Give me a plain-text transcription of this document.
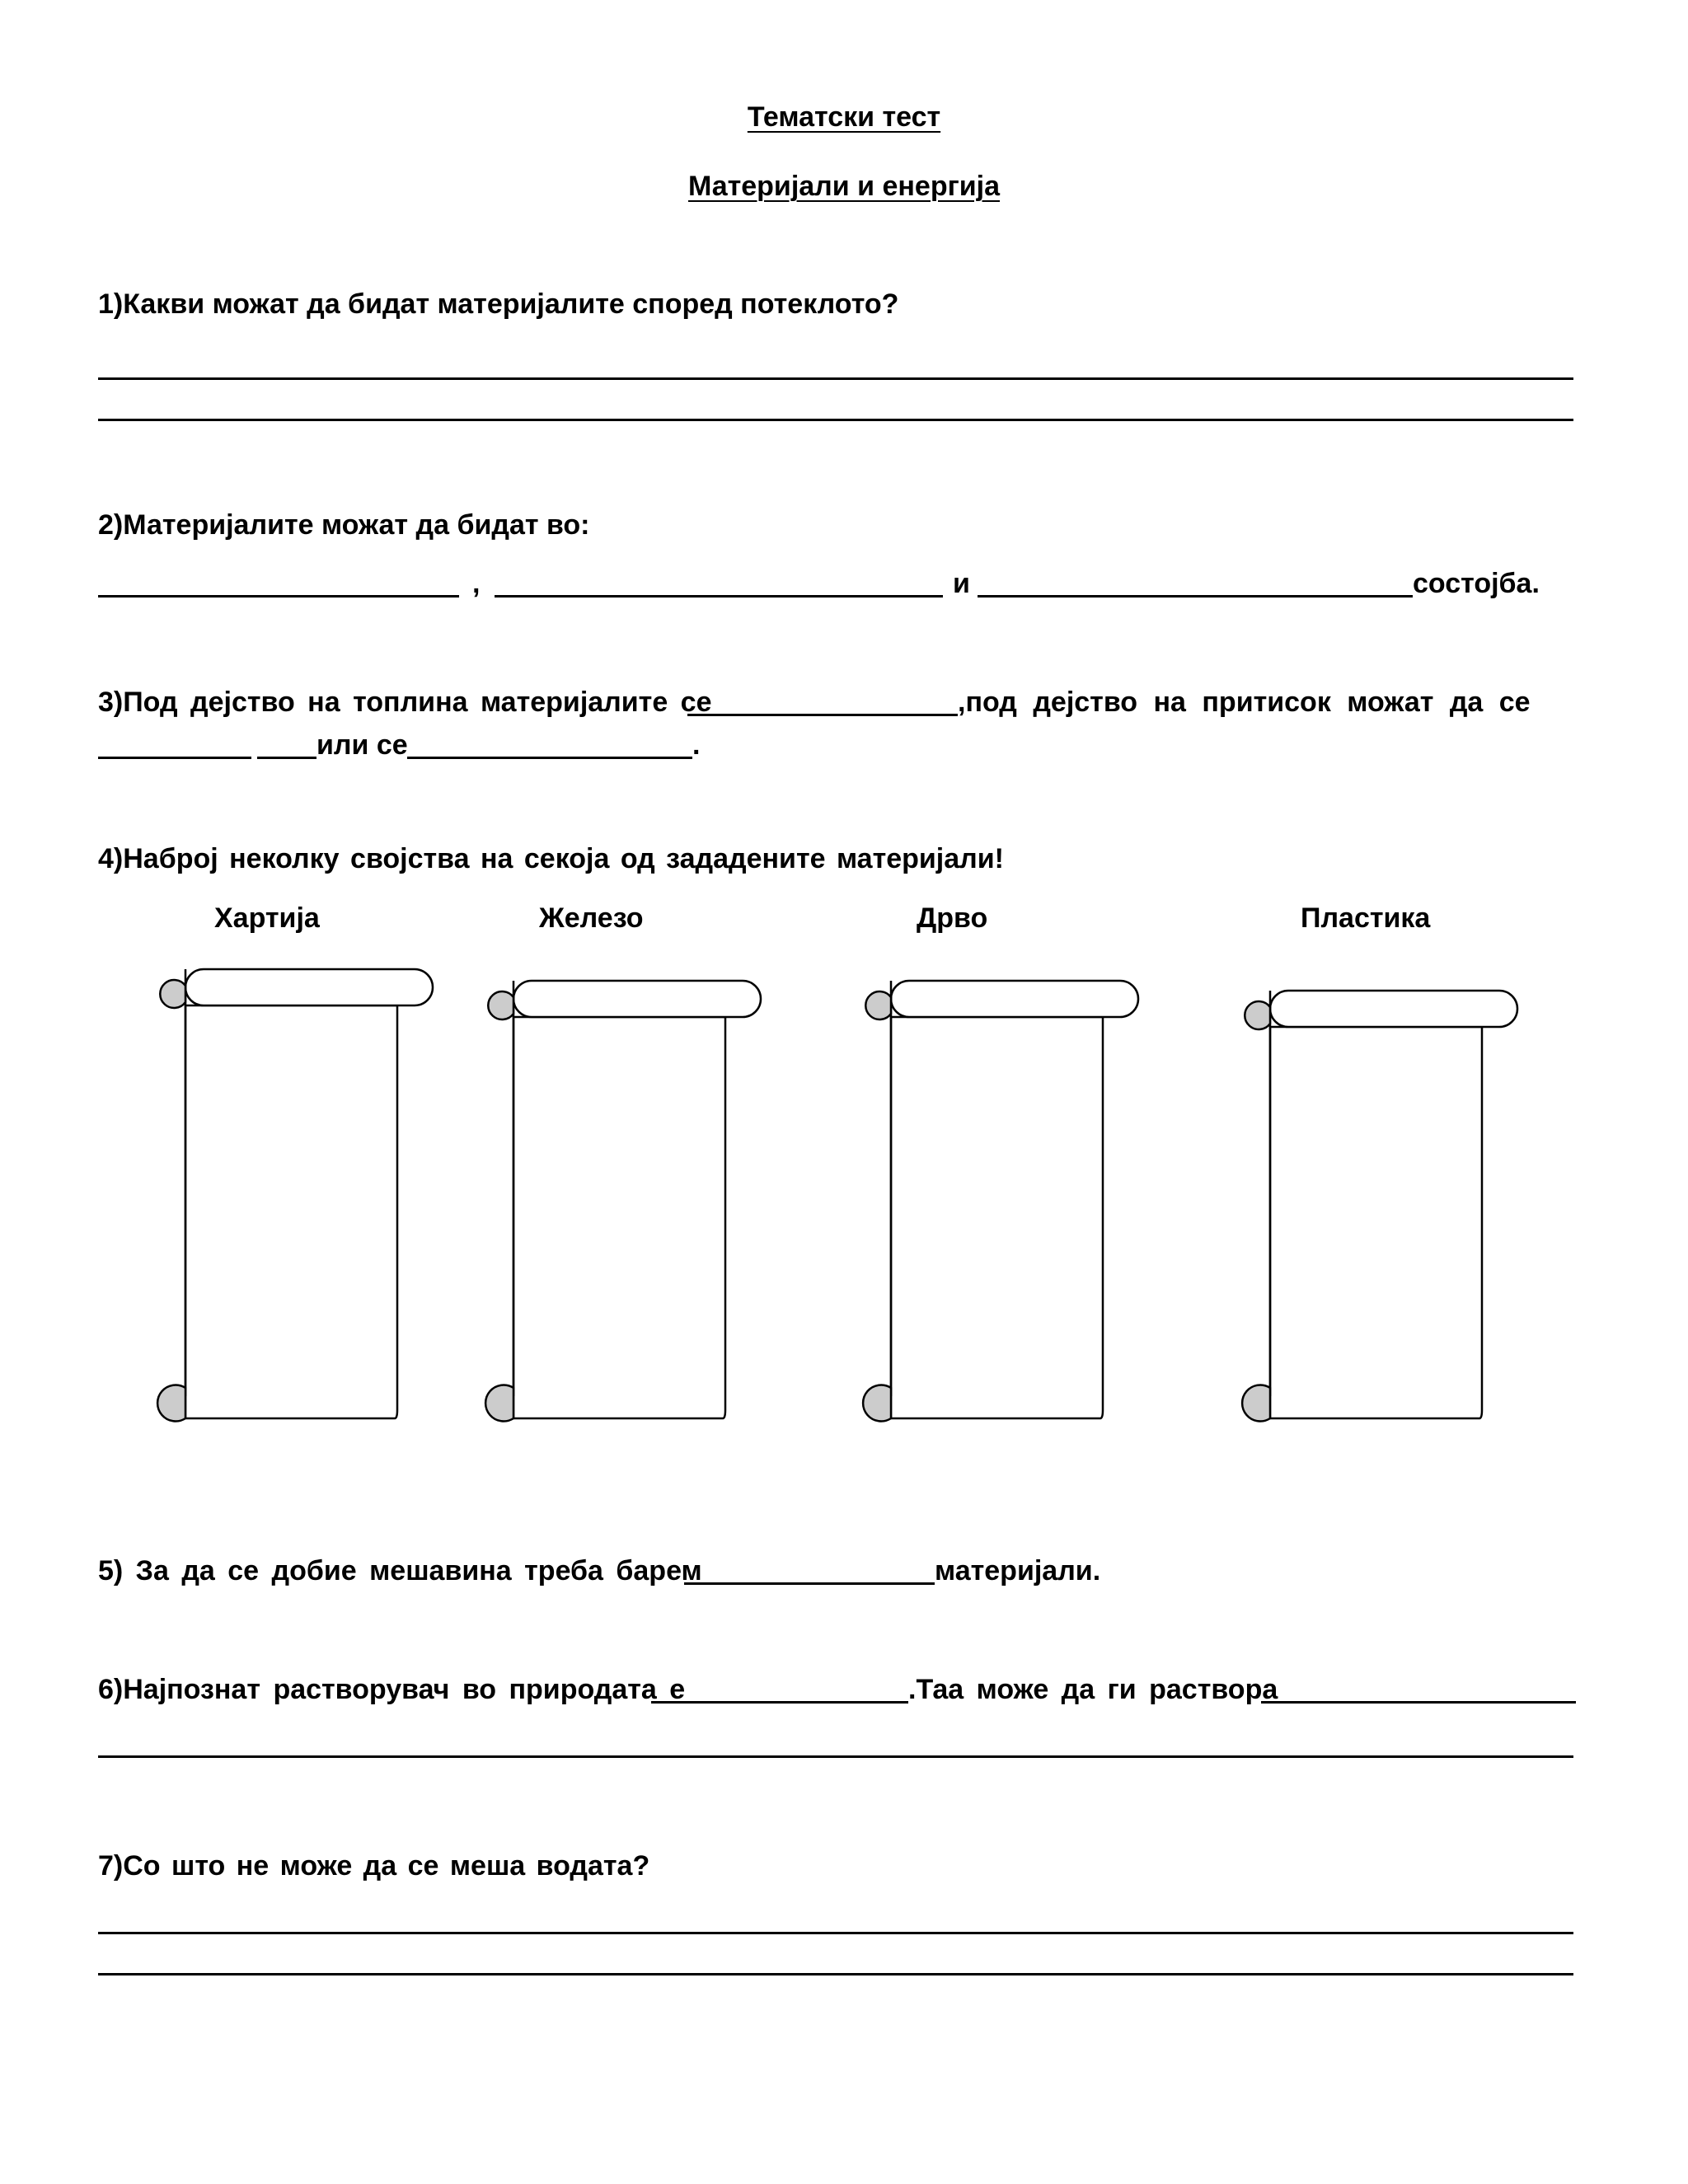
Тематски тест
Материјали и енергија
1)Какви можат да бидат материјалите според потеклото?
2)Материјалите можат да бидат во:
,	и	состојба.
3)Под дејство на топлина материјалите се	,под дејство на притисок можат да се
или се	.
4)Наброј неколку својства на секоја од зададените материјали!
Хартија	Железо	Дрво	Пластика
5) За да се добие мешавина треба барем	материјали.
6)Најпознат растворувач во природата е	.Таа може да ги раствора
7)Со што не може да се меша водата?
